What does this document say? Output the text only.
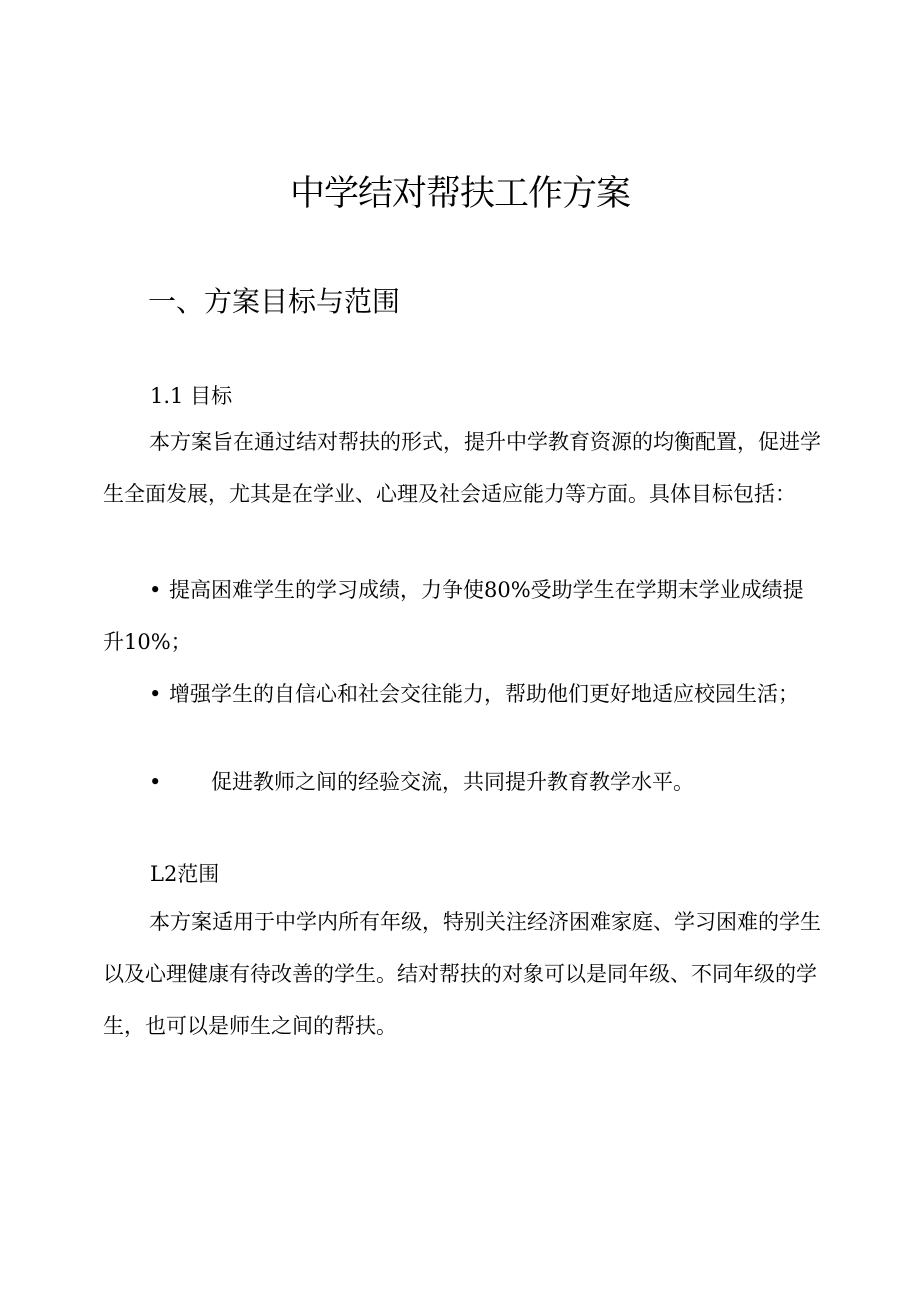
中学结对帮扶工作方案
一、方案目标与范围
1.1 目标

本方案旨在通过结对帮扶的形式，提升中学教育资源的均衡配置，促进学生全面发展，尤其是在学业、心理及社会适应能力等方面。具体目标包括：

• 提高困难学生的学习成绩，力争使80%受助学生在学期末学业成绩提升10%；

• 增强学生的自信心和社会交往能力，帮助他们更好地适应校园生活；

• 促进教师之间的经验交流，共同提升教育教学水平。

L2范围

本方案适用于中学内所有年级，特别关注经济困难家庭、学习困难的学生以及心理健康有待改善的学生。结对帮扶的对象可以是同年级、不同年级的学生，也可以是师生之间的帮扶。
